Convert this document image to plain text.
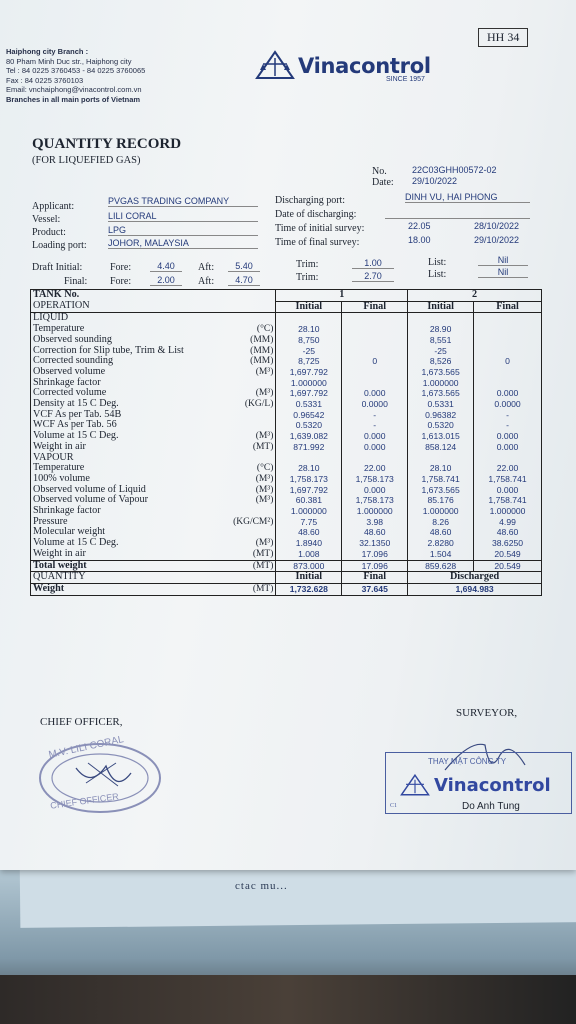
ctac mu...
HH 34
Haiphong city Branch :
80 Pham Minh Duc str., Haiphong city
Tel : 84 0225 3760453 - 84 0225 3760065
Fax : 84 0225 3760103
Email: vnchaiphong@vinacontrol.com.vn
Branches in all main ports of Vietnam
Vinacontrol
SINCE 1957
QUANTITY RECORD
(FOR LIQUEFIED GAS)
No.	22C03GHH00572-02
Date: 29/10/2022
Applicant:	PVGAS TRADING COMPANY
Vessel:	LILI CORAL
Product:	LPG
Loading port: JOHOR, MALAYSIA
Discharging port:	DINH VU, HAI PHONG
Date of discharging:
Time of initial survey:	22.05	28/10/2022
Time of final survey:	18.00	29/10/2022
Draft Initial:	Fore:	4.40	Aft:	5.40	Trim:	1.00	List:	Nil
Final: Fore:	2.00	Aft:	4.70	Trim:	2.70	List:	Nil
TANK No.		1		2	
OPERATION		Initial	Final	Initial	Final
LIQUID					
Temperature	(°C)	28.10		28.90	
Observed sounding	(MM)	8,750		8,551	
Correction for Slip tube, Trim & List	(MM)	-25		-25	
Corrected sounding	(MM)	8,725	0	8,526	0
Observed volume	(M³)	1,697.792		1,673.565	
Shrinkage factor		1.000000		1.000000	
Corrected volume	(M³)	1,697.792	0.000	1,673.565	0.000
Density at 15 C Deg.	(KG/L)	0.5331	0.0000	0.5331	0.0000
VCF As per Tab. 54B		0.96542	-	0.96382	-
WCF As per Tab. 56		0.5320	-	0.5320	-
Volume at 15 C Deg.	(M³)	1,639.082	0.000	1,613.015	0.000
Weight in air	(MT)	871.992	0.000	858.124	0.000
VAPOUR					
Temperature	(°C)	28.10	22.00	28.10	22.00
100% volume	(M³)	1,758.173	1,758.173	1,758.741	1,758.741
Observed volume of Liquid	(M³)	1,697.792	0.000	1,673.565	0.000
Observed volume of Vapour	(M³)	60.381	1,758.173	85.176	1,758.741
Shrinkage factor		1.000000	1.000000	1.000000	1.000000
Pressure	(KG/CM²)	7.75	3.98	8.26	4.99
Molecular weight		48.60	48.60	48.60	48.60
Volume at 15 C Deg.	(M³)	1.8940	32.1350	2.8280	38.6250
Weight in air	(MT)	1.008	17.096	1.504	20.549
Total weight	(MT)	873.000	17.096	859.628	20.549
QUANTITY		Initial	Final	Discharged	
Weight	(MT)	1,732.628	37.645	1,694.983	
CHIEF OFFICER,
SURVEYOR,
M.V. LILI CORAL
CHIEF OFFICER
THAY MẶT CÔNG TY
Vinacontrol
C1	Do Anh Tung
